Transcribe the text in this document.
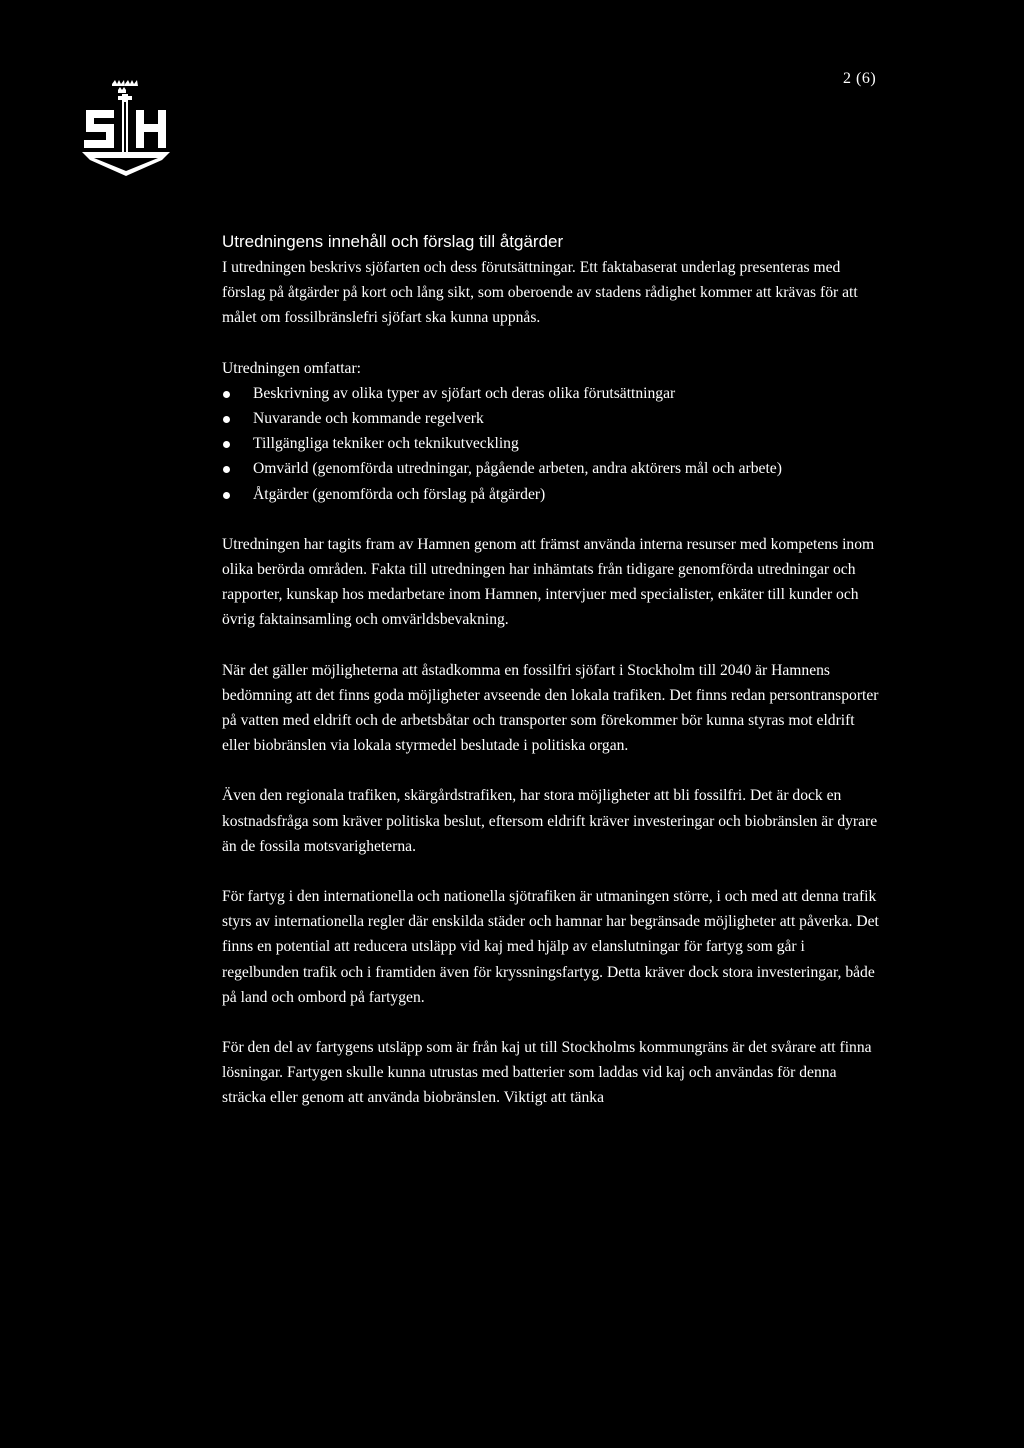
2 (6)
Utredningens innehåll och förslag till åtgärder

I utredningen beskrivs sjöfarten och dess förutsättningar. Ett faktabaserat underlag presenteras med förslag på åtgärder på kort och lång sikt, som oberoende av stadens rådighet kommer att krävas för att målet om fossilbränslefri sjöfart ska kunna uppnås.

Utredningen omfattar:

Beskrivning av olika typer av sjöfart och deras olika förutsättningar
Nuvarande och kommande regelverk
Tillgängliga tekniker och teknikutveckling
Omvärld (genomförda utredningar, pågående arbeten, andra aktörers mål och arbete)
Åtgärder (genomförda och förslag på åtgärder)

Utredningen har tagits fram av Hamnen genom att främst använda interna resurser med kompetens inom olika berörda områden. Fakta till utredningen har inhämtats från tidigare genomförda utredningar och rapporter, kunskap hos medarbetare inom Hamnen, intervjuer med specialister, enkäter till kunder och övrig faktainsamling och omvärldsbevakning.

När det gäller möjligheterna att åstadkomma en fossilfri sjöfart i Stockholm till 2040 är Hamnens bedömning att det finns goda möjligheter avseende den lokala trafiken. Det finns redan persontransporter på vatten med eldrift och de arbetsbåtar och transporter som förekommer bör kunna styras mot eldrift eller biobränslen via lokala styrmedel beslutade i politiska organ.

Även den regionala trafiken, skärgårdstrafiken, har stora möjligheter att bli fossilfri. Det är dock en kostnadsfråga som kräver politiska beslut, eftersom eldrift kräver investeringar och biobränslen är dyrare än de fossila motsvarigheterna.

För fartyg i den internationella och nationella sjötrafiken är utmaningen större, i och med att denna trafik styrs av internationella regler där enskilda städer och hamnar har begränsade möjligheter att påverka. Det finns en potential att reducera utsläpp vid kaj med hjälp av elanslutningar för fartyg som går i regelbunden trafik och i framtiden även för kryssningsfartyg. Detta kräver dock stora investeringar, både på land och ombord på fartygen.

För den del av fartygens utsläpp som är från kaj ut till Stockholms kommungräns är det svårare att finna lösningar. Fartygen skulle kunna utrustas med batterier som laddas vid kaj och användas för denna sträcka eller genom att använda biobränslen. Viktigt att tänka
